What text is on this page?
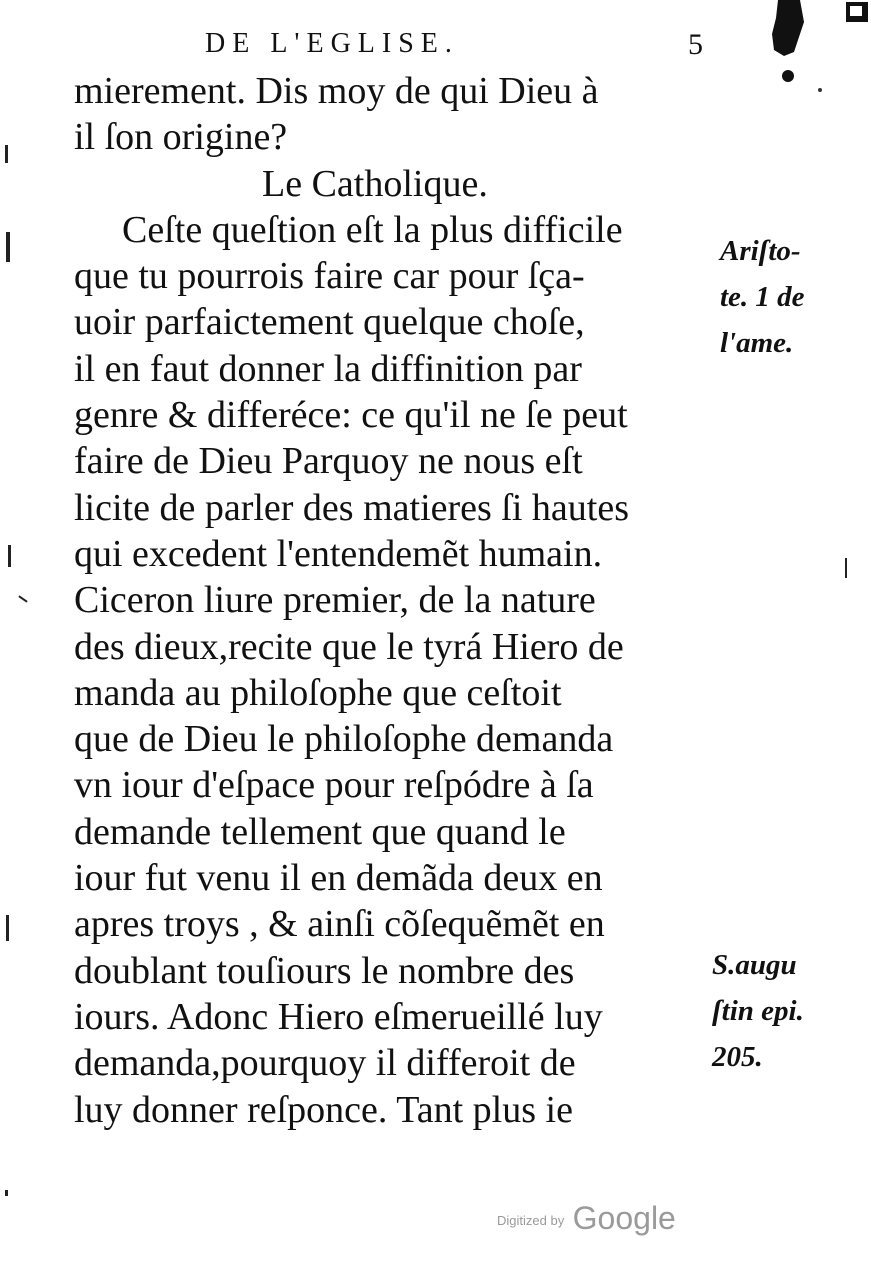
DE L'EGLISE.	5
mierement. Dis moy de qui Dieu à
il ſon origine?
Le Catholique.
Ceſte queſtion eſt la plus difficile
que tu pourrois faire car pour ſça-
uoir parfaictement quelque choſe,
il en faut donner la diffinition par
genre & differéce: ce qu'il ne ſe peut
faire de Dieu Parquoy ne nous eſt
licite de parler des matieres ſi hautes
qui excedent l'entendemẽt humain.
Ciceron liure premier, de la nature
des dieux,recite que le tyrá Hiero de
manda au philoſophe que ceſtoit
que de Dieu le philoſophe demanda
vn iour d'eſpace pour reſpódre à ſa
demande tellement que quand le
iour fut venu il en demãda deux en
apres troys , & ainſi cõſequẽmẽt en
doublant touſiours le nombre des
iours. Adonc Hiero eſmerueillé luy
demanda,pourquoy il differoit de
luy donner reſponce. Tant plus ie
Ariſto-
te. 1 de
l'ame.
S.augu
ſtin epi.
205.
$^{Digitized by}$ Google
